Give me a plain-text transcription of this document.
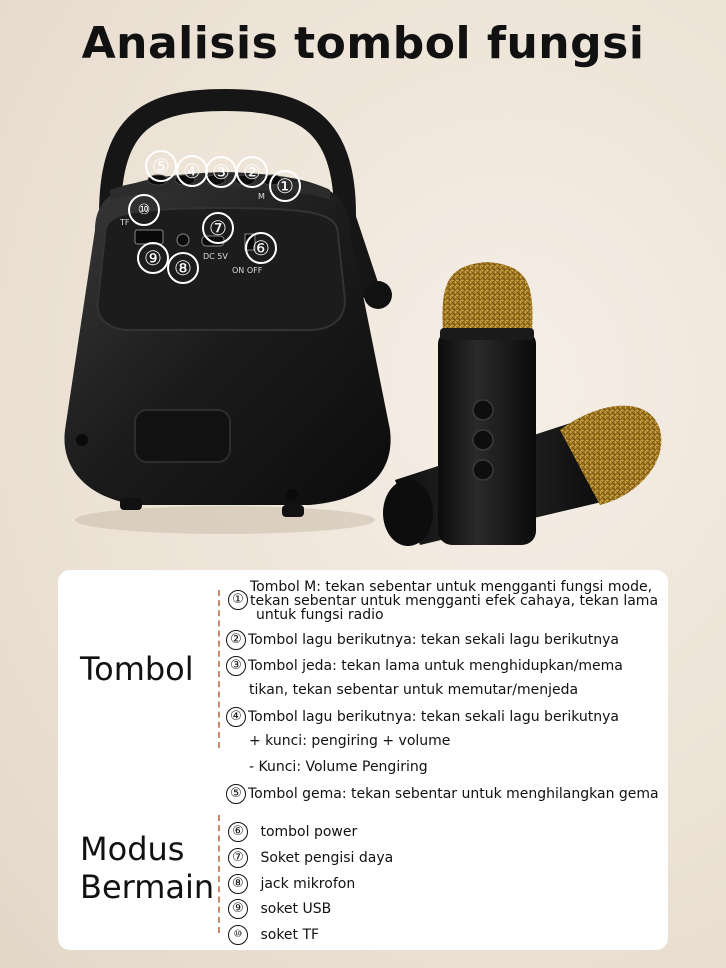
Analisis tombol fungsi
⑤ ④ ③ ②
①
⑩
⑦
⑥
⑨ ⑧
TF
DC 5V
ON OFF
M
Tombol
①Tombol M: tekan sebentar untuk mengganti fungsi mode,
tekan sebentar untuk mengganti efek cahaya, tekan lama
untuk fungsi radio
② Tombol lagu berikutnya: tekan sekali lagu berikutnya
③ Tombol jeda: tekan lama untuk menghidupkan/mema
tikan, tekan sebentar untuk memutar/menjeda
④ Tombol lagu berikutnya: tekan sekali lagu berikutnya
+ kunci: pengiring + volume
- Kunci: Volume Pengiring
⑤ Tombol gema: tekan sebentar untuk menghilangkan gema
Modus
Bermain
⑥ tombol power
⑦ Soket pengisi daya
⑧ jack mikrofon
⑨ soket USB
⑩ soket TF
